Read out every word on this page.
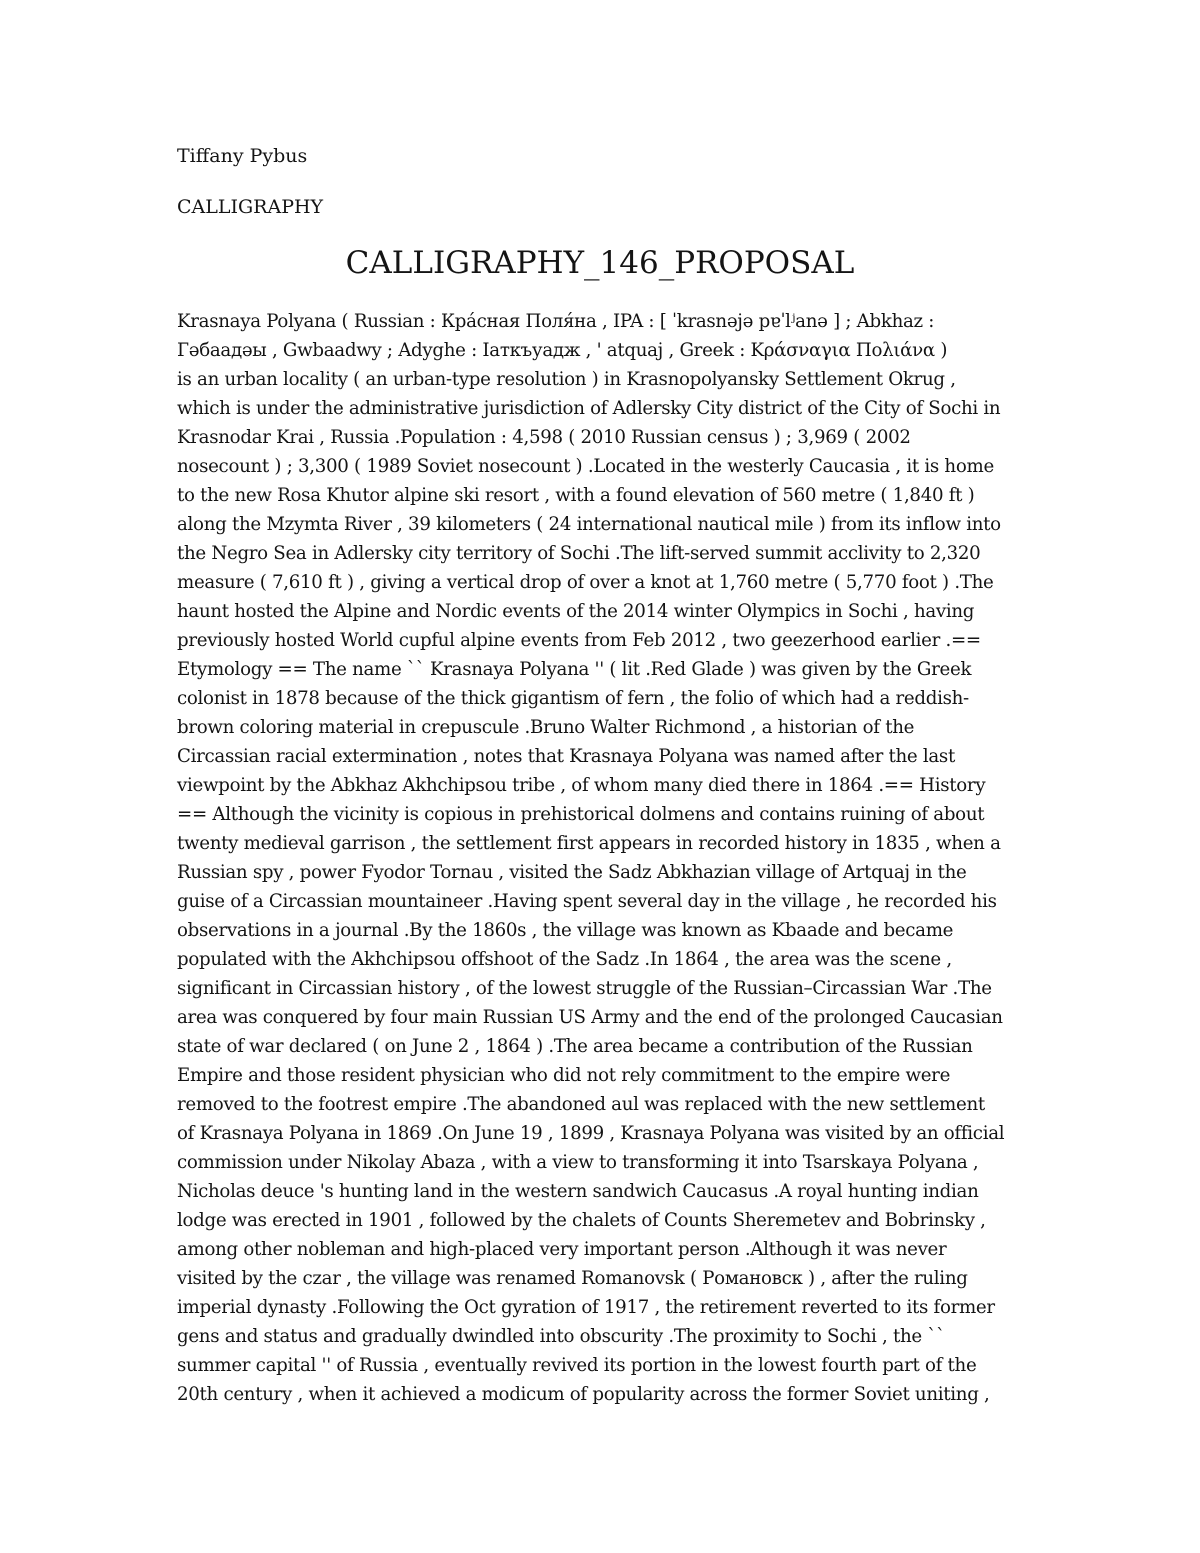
Tiffany Pybus

CALLIGRAPHY

CALLIGRAPHY_146_PROPOSAL
Krasnaya Polyana ( Russian : Кра́сная Поля́на , IPA : [ ˈkrasnəjə pɐˈlʲanə ] ; Abkhaz :
Гәбаадәы , Gwbaadwy ; Adyghe : Iаткъуадж , ' atquaj , Greek : Κράσναγια Πολιάνα )
is an urban locality ( an urban-type resolution ) in Krasnopolyansky Settlement Okrug ,
which is under the administrative jurisdiction of Adlersky City district of the City of Sochi in
Krasnodar Krai , Russia .Population : 4,598 ( 2010 Russian census ) ; 3,969 ( 2002
nosecount ) ; 3,300 ( 1989 Soviet nosecount ) .Located in the westerly Caucasia , it is home
to the new Rosa Khutor alpine ski resort , with a found elevation of 560 metre ( 1,840 ft )
along the Mzymta River , 39 kilometers ( 24 international nautical mile ) from its inflow into
the Negro Sea in Adlersky city territory of Sochi .The lift-served summit acclivity to 2,320
measure ( 7,610 ft ) , giving a vertical drop of over a knot at 1,760 metre ( 5,770 foot ) .The
haunt hosted the Alpine and Nordic events of the 2014 winter Olympics in Sochi , having
previously hosted World cupful alpine events from Feb 2012 , two geezerhood earlier .==
Etymology == The name `` Krasnaya Polyana '' ( lit .Red Glade ) was given by the Greek
colonist in 1878 because of the thick gigantism of fern , the folio of which had a reddish-
brown coloring material in crepuscule .Bruno Walter Richmond , a historian of the
Circassian racial extermination , notes that Krasnaya Polyana was named after the last
viewpoint by the Abkhaz Akhchipsou tribe , of whom many died there in 1864 .== History
== Although the vicinity is copious in prehistorical dolmens and contains ruining of about
twenty medieval garrison , the settlement first appears in recorded history in 1835 , when a
Russian spy , power Fyodor Tornau , visited the Sadz Abkhazian village of Artquaj in the
guise of a Circassian mountaineer .Having spent several day in the village , he recorded his
observations in a journal .By the 1860s , the village was known as Kbaade and became
populated with the Akhchipsou offshoot of the Sadz .In 1864 , the area was the scene ,
significant in Circassian history , of the lowest struggle of the Russian–Circassian War .The
area was conquered by four main Russian US Army and the end of the prolonged Caucasian
state of war declared ( on June 2 , 1864 ) .The area became a contribution of the Russian
Empire and those resident physician who did not rely commitment to the empire were
removed to the footrest empire .The abandoned aul was replaced with the new settlement
of Krasnaya Polyana in 1869 .On June 19 , 1899 , Krasnaya Polyana was visited by an official
commission under Nikolay Abaza , with a view to transforming it into Tsarskaya Polyana ,
Nicholas deuce 's hunting land in the western sandwich Caucasus .A royal hunting indian
lodge was erected in 1901 , followed by the chalets of Counts Sheremetev and Bobrinsky ,
among other nobleman and high-placed very important person .Although it was never
visited by the czar , the village was renamed Romanovsk ( Романовск ) , after the ruling
imperial dynasty .Following the Oct gyration of 1917 , the retirement reverted to its former
gens and status and gradually dwindled into obscurity .The proximity to Sochi , the ``
summer capital '' of Russia , eventually revived its portion in the lowest fourth part of the
20th century , when it achieved a modicum of popularity across the former Soviet uniting ,
